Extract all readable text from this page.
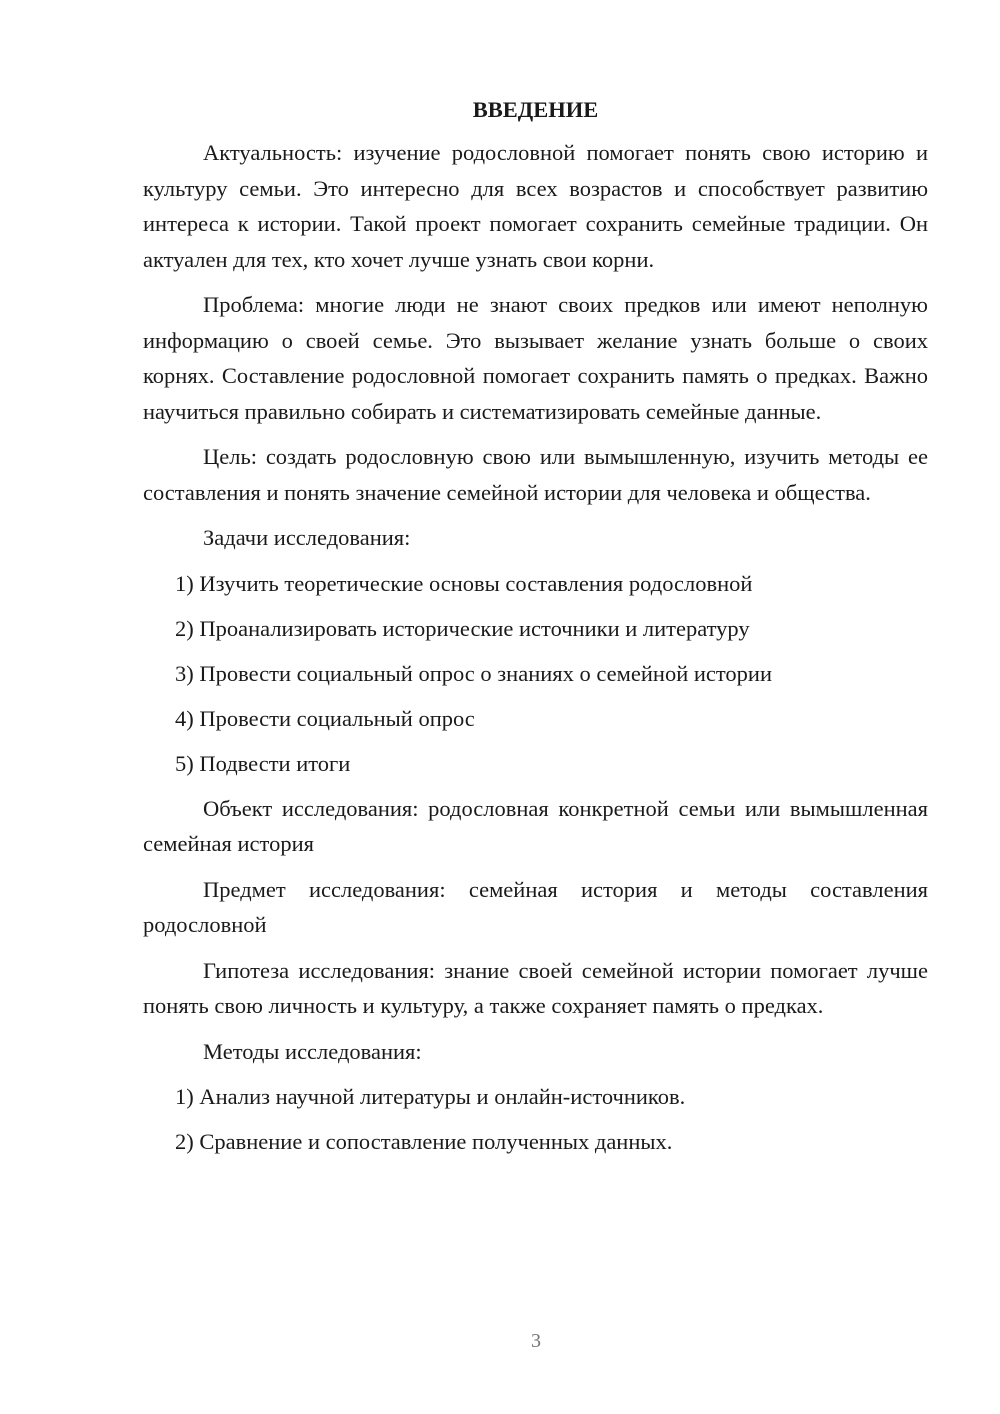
ВВЕДЕНИЕ

Актуальность: изучение родословной помогает понять свою историю и культуру семьи. Это интересно для всех возрастов и способствует развитию интереса к истории. Такой проект помогает сохранить семейные традиции. Он актуален для тех, кто хочет лучше узнать свои корни.

Проблема: многие люди не знают своих предков или имеют неполную информацию о своей семье. Это вызывает желание узнать больше о своих корнях. Составление родословной помогает сохранить память о предках. Важно научиться правильно собирать и систематизировать семейные данные.

Цель: создать родословную свою или вымышленную, изучить методы ее составления и понять значение семейной истории для человека и общества.

Задачи исследования:

1) Изучить теоретические основы составления родословной
2) Проанализировать исторические источники и литературу
3) Провести социальный опрос о знаниях о семейной истории
4) Провести социальный опрос
5) Подвести итоги

Объект исследования: родословная конкретной семьи или вымышленная семейная история

Предмет исследования: семейная история и методы составления родословной

Гипотеза исследования: знание своей семейной истории помогает лучше понять свою личность и культуру, а также сохраняет память о предках.

Методы исследования:

1) Анализ научной литературы и онлайн-источников.
2) Сравнение и сопоставление полученных данных.
3
